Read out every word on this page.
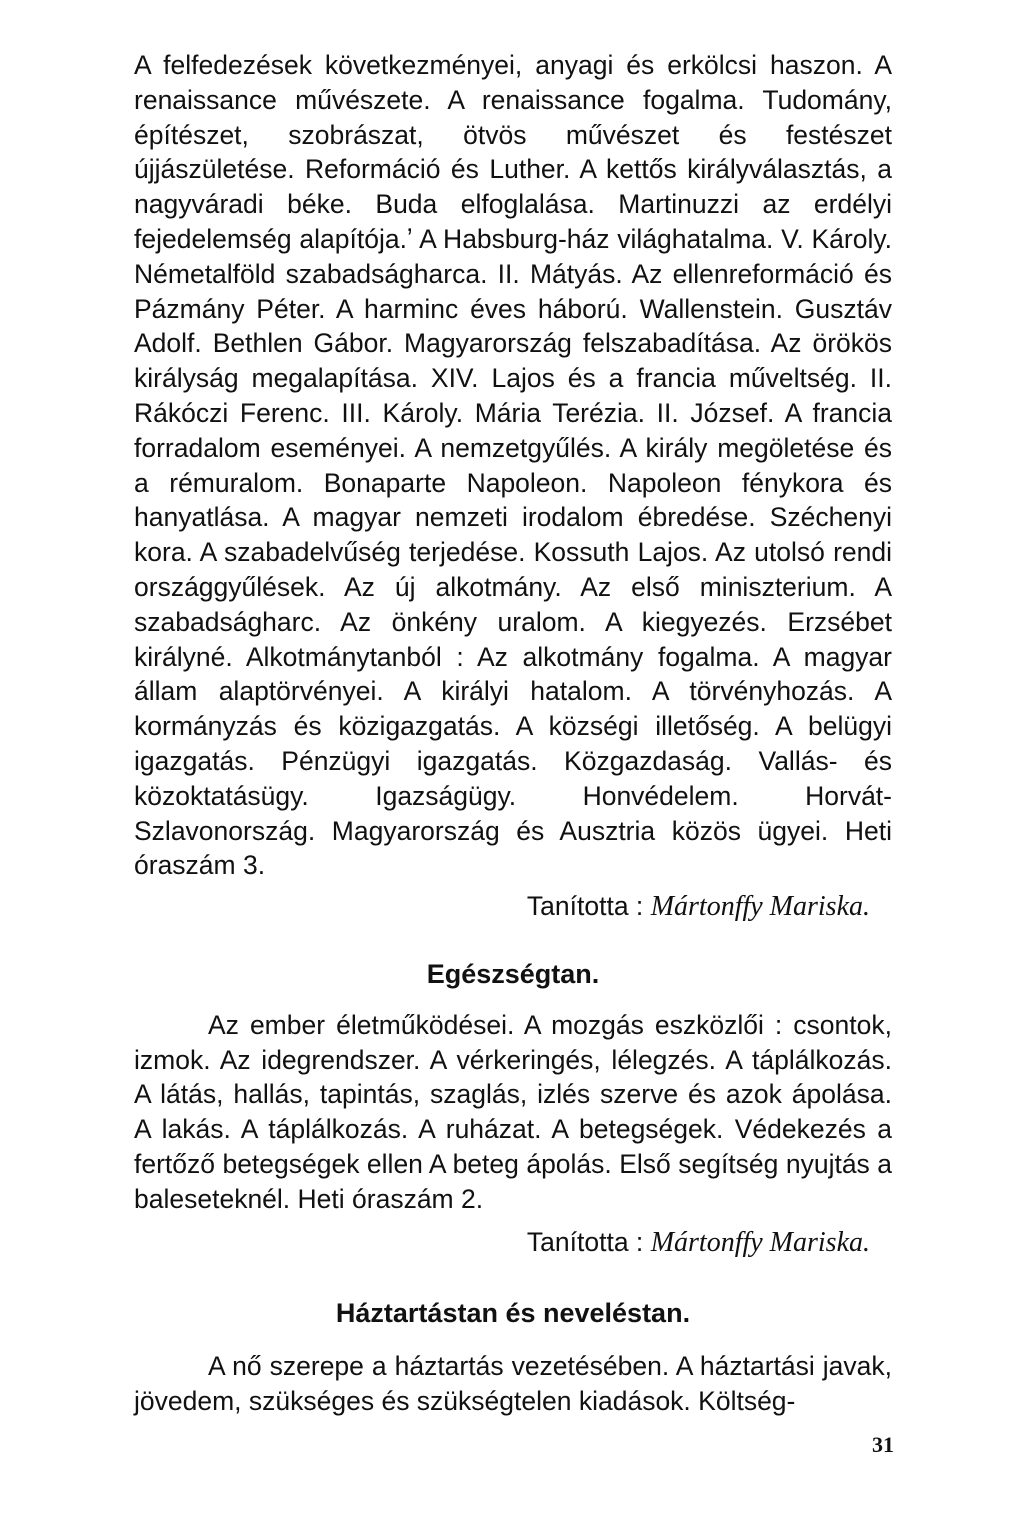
A felfedezések következményei, anyagi és erkölcsi haszon. A renaissance művészete. A renaissance fogalma. Tudomány, építészet, szobrászat, ötvös művészet és festészet újjászületése. Reformáció és Luther. A kettős királyválasztás, a nagyváradi béke. Buda elfoglalása. Martinuzzi az erdélyi fejedelemség alapítója.ʼ A Habsburg-ház világhatalma. V. Károly. Németalföld szabadságharca. II. Mátyás. Az ellenreformáció és Pázmány Péter. A harminc éves háború. Wallenstein. Gusztáv Adolf. Bethlen Gábor. Magyarország felszabadítása. Az örökös királyság megalapítása. XIV. Lajos és a francia műveltség. II. Rákóczi Ferenc. III. Károly. Mária Terézia. II. József. A francia forradalom eseményei. A nemzetgyűlés. A király megöletése és a rémuralom. Bonaparte Napoleon. Napoleon fénykora és hanyatlása. A magyar nemzeti irodalom ébredése. Széchenyi kora. A szabadelvűség terjedése. Kossuth Lajos. Az utolsó rendi országgyűlések. Az új alkotmány. Az első miniszterium. A szabadságharc. Az önkény uralom. A kiegyezés. Erzsébet királyné. Alkotmánytanból : Az alkotmány fogalma. A magyar állam alaptörvényei. A királyi hatalom. A törvényhozás. A kormányzás és közigazgatás. A községi illetőség. A belügyi igazgatás. Pénzügyi igazgatás. Közgazdaság. Vallás- és közoktatásügy. Igazságügy. Honvédelem. Horvát-Szlavonország. Magyarország és Ausztria közös ügyei. Heti óraszám 3.

Tanította : Mártonffy Mariska.

Egészségtan.

Az ember életműködései. A mozgás eszközlői : csontok, izmok. Az idegrendszer. A vérkeringés, lélegzés. A táplálkozás. A látás, hallás, tapintás, szaglás, izlés szerve és azok ápolása. A lakás. A táplálkozás. A ruházat. A betegségek. Védekezés a fertőző betegségek ellen A beteg ápolás. Első segítség nyujtás a baleseteknél. Heti óraszám 2.

Tanította : Mártonffy Mariska.

Háztartástan és neveléstan.

A nő szerepe a háztartás vezetésében. A háztartási javak, jövedem, szükséges és szükségtelen kiadások. Költség-

31
